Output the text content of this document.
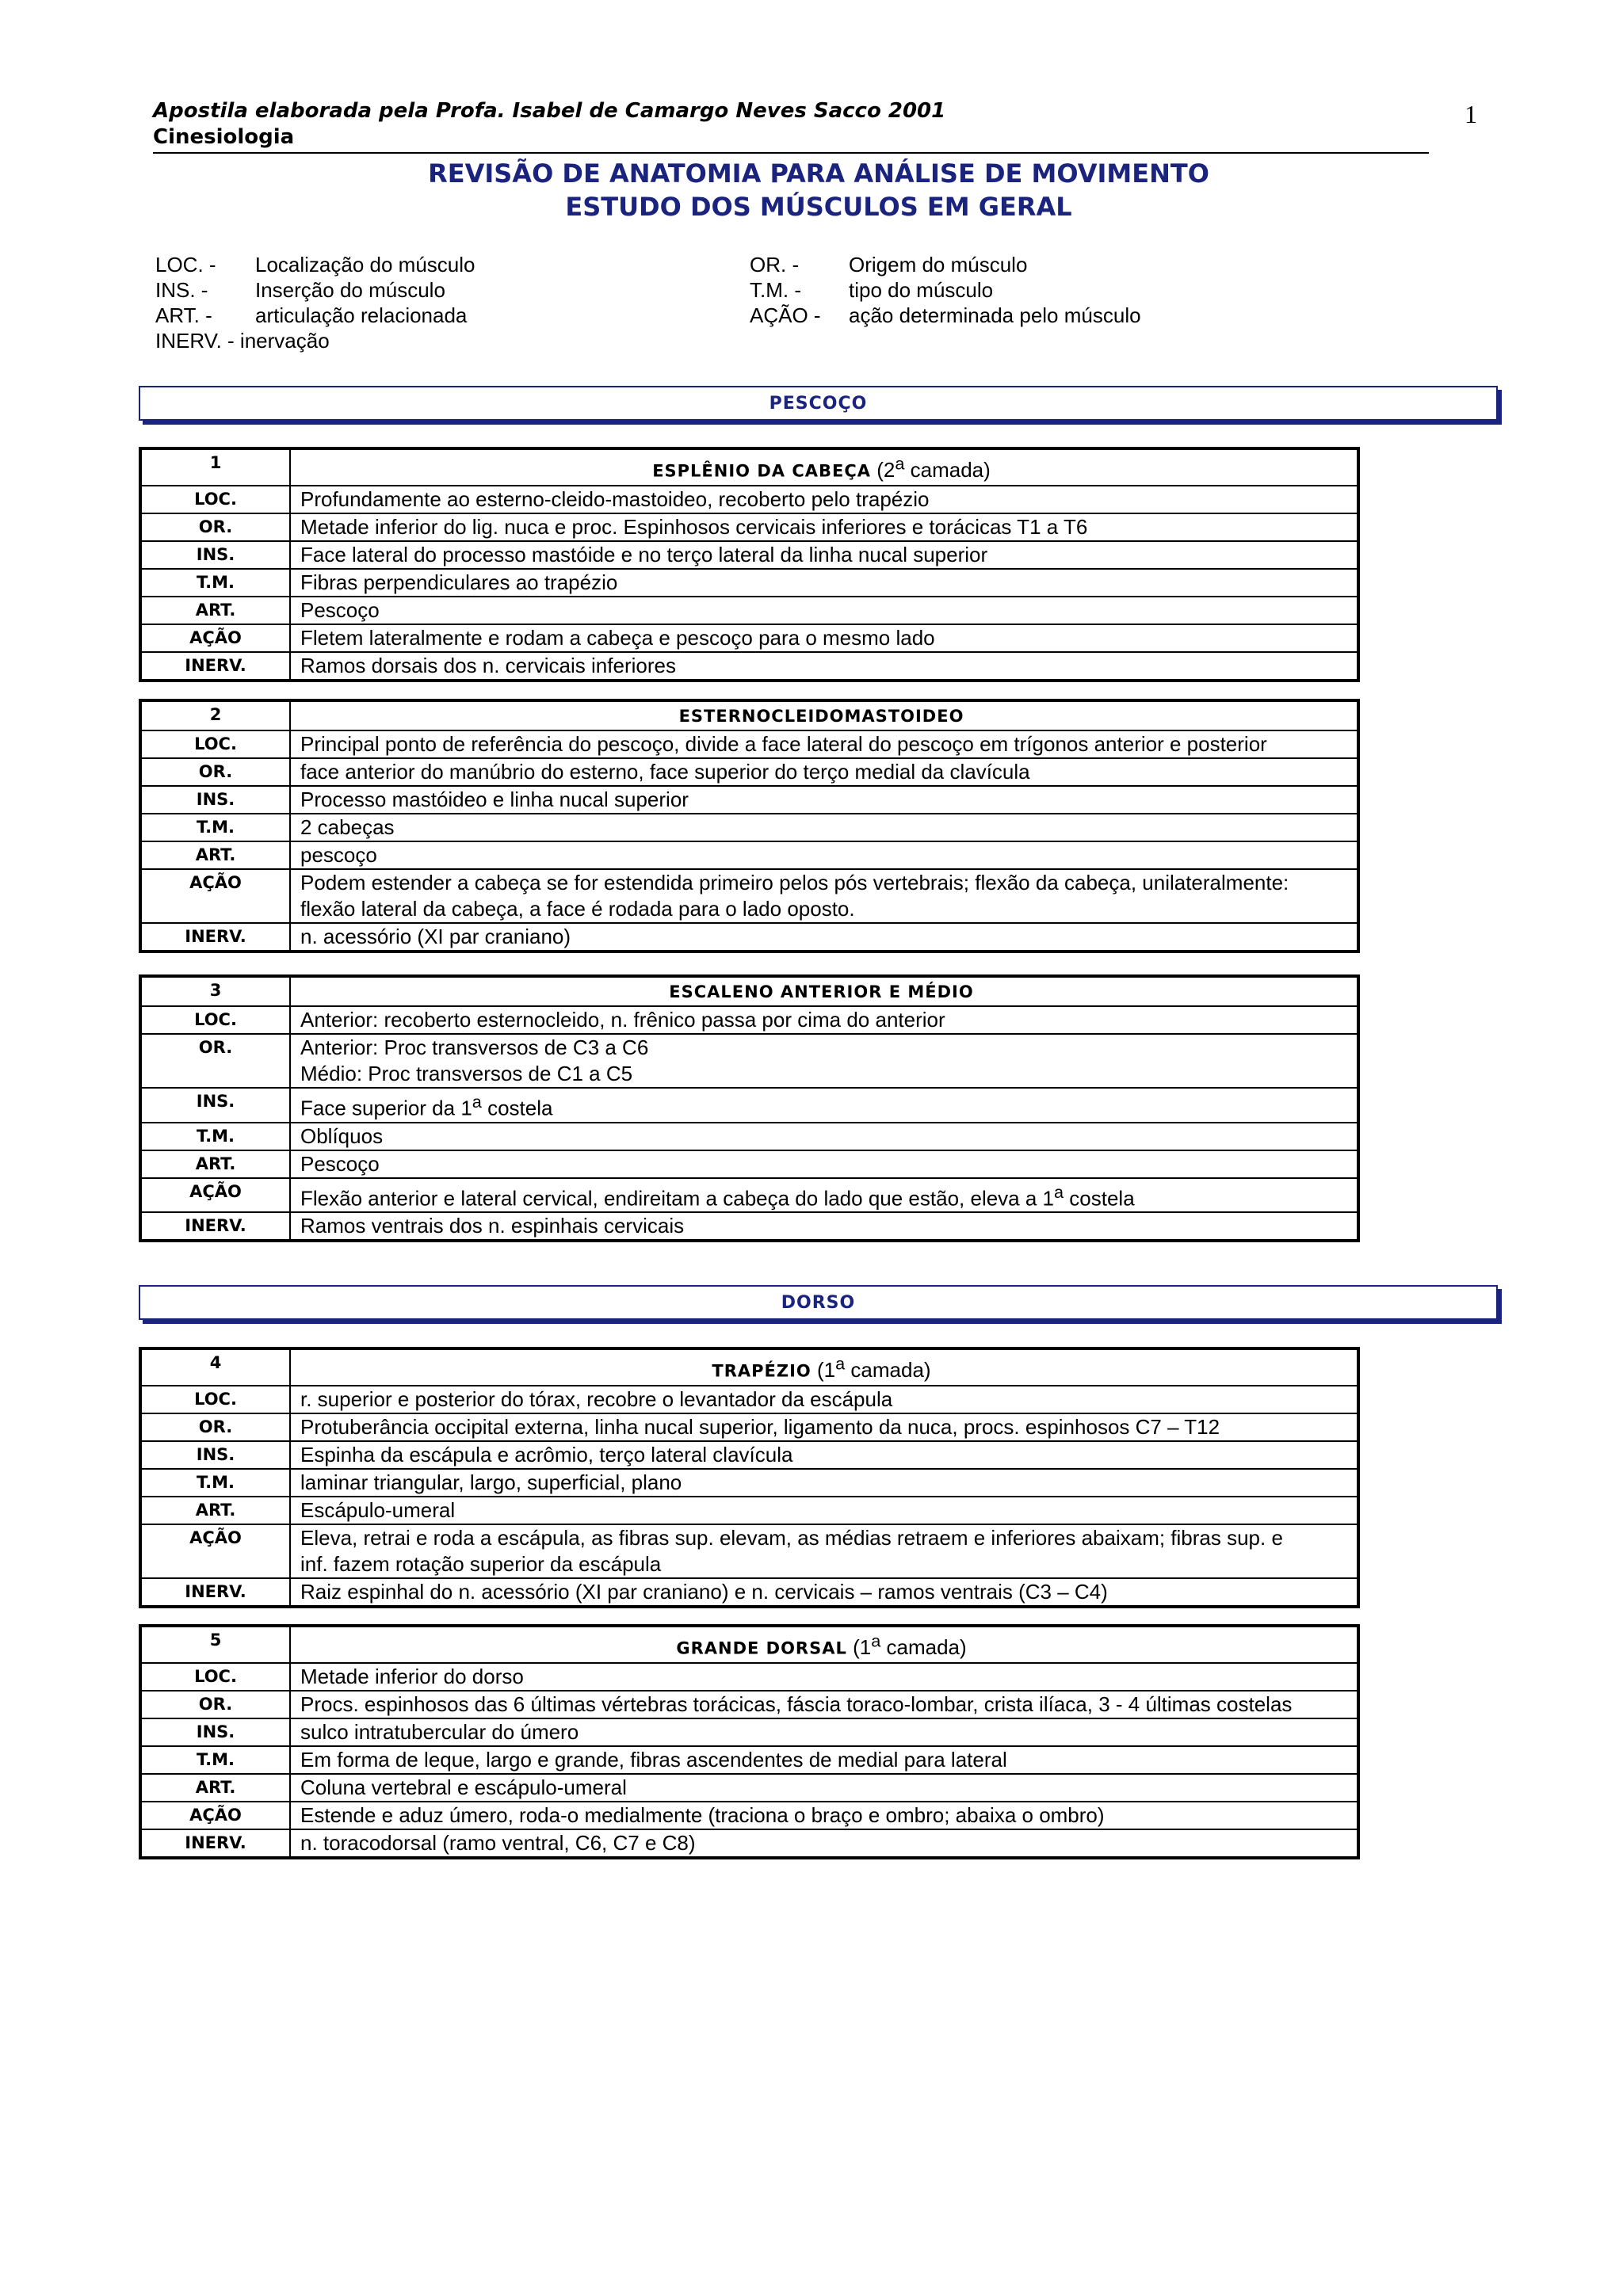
Apostila elaborada pela Profa. Isabel de Camargo Neves Sacco 2001
Cinesiologia
1
REVISÃO DE ANATOMIA PARA ANÁLISE DE MOVIMENTO
ESTUDO DOS MÚSCULOS EM GERAL
LOC. -	Localização do músculo	OR. -	Origem do músculo
INS. -	Inserção do músculo	T.M. -	tipo do músculo
ART. -	articulação relacionada	AÇÃO -	ação determinada pelo músculo
INERV. - inervação
PESCOÇO
1	ESPLÊNIO DA CABEÇA (2$^a$ camada)
LOC.	Profundamente ao esterno-cleido-mastoideo, recoberto pelo trapézio
OR.	Metade inferior do lig. nuca e proc. Espinhosos cervicais inferiores e torácicas T1 a T6
INS.	Face lateral do processo mastóide e no terço lateral da linha nucal superior
T.M.	Fibras perpendiculares ao trapézio
ART.	Pescoço
AÇÃO	Fletem lateralmente e rodam a cabeça e pescoço para o mesmo lado
INERV.	Ramos dorsais dos n. cervicais inferiores
2	ESTERNOCLEIDOMASTOIDEO
LOC.	Principal ponto de referência do pescoço, divide a face lateral do pescoço em trígonos anterior e posterior
OR.	face anterior do manúbrio do esterno, face superior do terço medial da clavícula
INS.	Processo mastóideo e linha nucal superior
T.M.	2 cabeças
ART.	pescoço
AÇÃO	Podem estender a cabeça se for estendida primeiro pelos pós vertebrais; flexão da cabeça, unilateralmente:
flexão lateral da cabeça, a face é rodada para o lado oposto.

INERV.	n. acessório (XI par craniano)
3	ESCALENO ANTERIOR E MÉDIO
LOC.	Anterior: recoberto esternocleido, n. frênico passa por cima do anterior
OR.	Anterior: Proc transversos de C3 a C6
Médio: Proc transversos de C1 a C5

INS.	Face superior da 1$^a$ costela
T.M.	Oblíquos
ART.	Pescoço
AÇÃO	Flexão anterior e lateral cervical, endireitam a cabeça do lado que estão, eleva a 1$^a$ costela
INERV.	Ramos ventrais dos n. espinhais cervicais
DORSO
4	TRAPÉZIO (1$^a$ camada)
LOC.	r. superior e posterior do tórax, recobre o levantador da escápula
OR.	Protuberância occipital externa, linha nucal superior, ligamento da nuca, procs. espinhosos C7 – T12
INS.	Espinha da escápula e acrômio, terço lateral clavícula
T.M.	laminar triangular, largo, superficial, plano
ART.	Escápulo-umeral
AÇÃO	Eleva, retrai e roda a escápula, as fibras sup. elevam, as médias retraem e inferiores abaixam; fibras sup. e
inf. fazem rotação superior da escápula

INERV.	Raiz espinhal do n. acessório (XI par craniano) e n. cervicais – ramos ventrais (C3 – C4)
5	GRANDE DORSAL (1$^a$ camada)
LOC.	Metade inferior do dorso
OR.	Procs. espinhosos das 6 últimas vértebras torácicas, fáscia toraco-lombar, crista ilíaca, 3 - 4 últimas costelas
INS.	sulco intratubercular do úmero
T.M.	Em forma de leque, largo e grande, fibras ascendentes de medial para lateral
ART.	Coluna vertebral e escápulo-umeral
AÇÃO	Estende e aduz úmero, roda-o medialmente (traciona o braço e ombro; abaixa o ombro)
INERV.	n. toracodorsal (ramo ventral, C6, C7 e C8)
